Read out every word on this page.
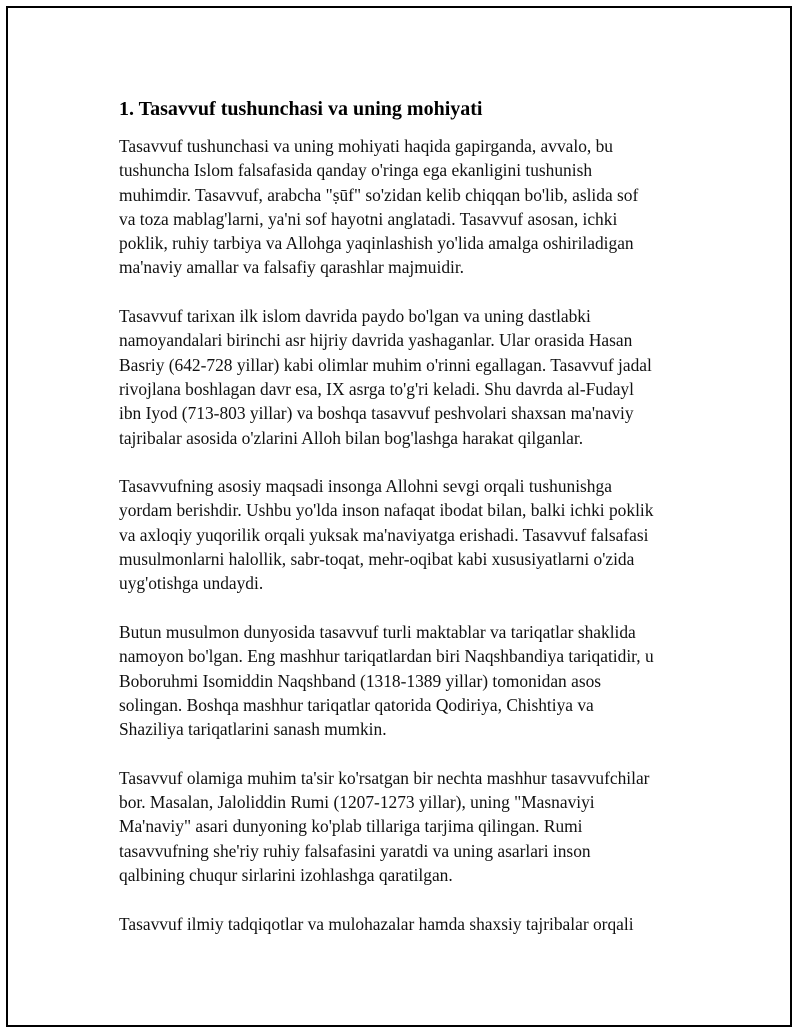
1. Tasavvuf tushunchasi va uning mohiyati

Tasavvuf tushunchasi va uning mohiyati haqida gapirganda, avvalo, bu
tushuncha Islom falsafasida qanday o'ringa ega ekanligini tushunish
muhimdir. Tasavvuf, arabcha "ṣūf" so'zidan kelib chiqqan bo'lib, aslida sof
va toza mablag'larni, ya'ni sof hayotni anglatadi. Tasavvuf asosan, ichki
poklik, ruhiy tarbiya va Allohga yaqinlashish yo'lida amalga oshiriladigan
ma'naviy amallar va falsafiy qarashlar majmuidir.

Tasavvuf tarixan ilk islom davrida paydo bo'lgan va uning dastlabki
namoyandalari birinchi asr hijriy davrida yashaganlar. Ular orasida Hasan
Basriy (642-728 yillar) kabi olimlar muhim o'rinni egallagan. Tasavvuf jadal
rivojlana boshlagan davr esa, IX asrga to'g'ri keladi. Shu davrda al-Fudayl
ibn Iyod (713-803 yillar) va boshqa tasavvuf peshvolari shaxsan ma'naviy
tajribalar asosida o'zlarini Alloh bilan bog'lashga harakat qilganlar.

Tasavvufning asosiy maqsadi insonga Allohni sevgi orqali tushunishga
yordam berishdir. Ushbu yo'lda inson nafaqat ibodat bilan, balki ichki poklik
va axloqiy yuqorilik orqali yuksak ma'naviyatga erishadi. Tasavvuf falsafasi
musulmonlarni halollik, sabr-toqat, mehr-oqibat kabi xususiyatlarni o'zida
uyg'otishga undaydi.

Butun musulmon dunyosida tasavvuf turli maktablar va tariqatlar shaklida
namoyon bo'lgan. Eng mashhur tariqatlardan biri Naqshbandiya tariqatidir, u
Boboruhmi Isomiddin Naqshband (1318-1389 yillar) tomonidan asos
solingan. Boshqa mashhur tariqatlar qatorida Qodiriya, Chishtiya va
Shaziliya tariqatlarini sanash mumkin.

Tasavvuf olamiga muhim ta'sir ko'rsatgan bir nechta mashhur tasavvufchilar
bor. Masalan, Jaloliddin Rumi (1207-1273 yillar), uning "Masnaviyi
Ma'naviy" asari dunyoning ko'plab tillariga tarjima qilingan. Rumi
tasavvufning she'riy ruhiy falsafasini yaratdi va uning asarlari inson
qalbining chuqur sirlarini izohlashga qaratilgan.

Tasavvuf ilmiy tadqiqotlar va mulohazalar hamda shaxsiy tajribalar orqali
